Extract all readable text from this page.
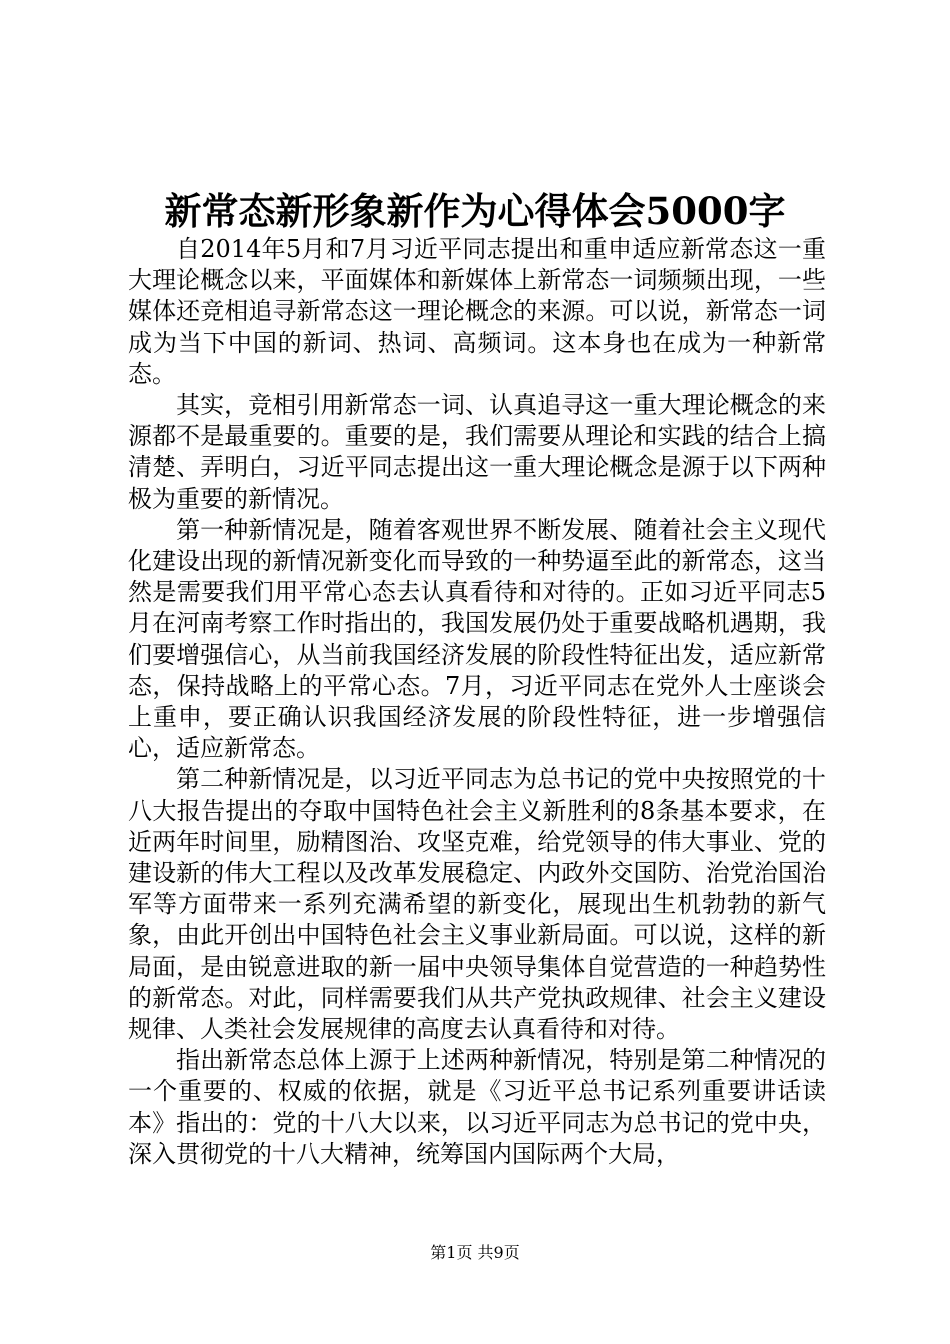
新常态新形象新作为心得体会5000字

自2014年5月和7月习近平同志提出和重申适应新常态这一重大理论概念以来，平面媒体和新媒体上新常态一词频频出现，一些媒体还竞相追寻新常态这一理论概念的来源。可以说，新常态一词成为当下中国的新词、热词、高频词。这本身也在成为一种新常态。

其实，竞相引用新常态一词、认真追寻这一重大理论概念的来源都不是最重要的。重要的是，我们需要从理论和实践的结合上搞清楚、弄明白，习近平同志提出这一重大理论概念是源于以下两种极为重要的新情况。

第一种新情况是，随着客观世界不断发展、随着社会主义现代化建设出现的新情况新变化而导致的一种势逼至此的新常态，这当然是需要我们用平常心态去认真看待和对待的。正如习近平同志5月在河南考察工作时指出的，我国发展仍处于重要战略机遇期，我们要增强信心，从当前我国经济发展的阶段性特征出发，适应新常态，保持战略上的平常心态。7月，习近平同志在党外人士座谈会上重申，要正确认识我国经济发展的阶段性特征，进一步增强信心，适应新常态。

第二种新情况是，以习近平同志为总书记的党中央按照党的十八大报告提出的夺取中国特色社会主义新胜利的8条基本要求，在近两年时间里，励精图治、攻坚克难，给党领导的伟大事业、党的建设新的伟大工程以及改革发展稳定、内政外交国防、治党治国治军等方面带来一系列充满希望的新变化，展现出生机勃勃的新气象，由此开创出中国特色社会主义事业新局面。可以说，这样的新局面，是由锐意进取的新一届中央领导集体自觉营造的一种趋势性的新常态。对此，同样需要我们从共产党执政规律、社会主义建设规律、人类社会发展规律的高度去认真看待和对待。

指出新常态总体上源于上述两种新情况，特别是第二种情况的一个重要的、权威的依据，就是《习近平总书记系列重要讲话读本》指出的：党的十八大以来，以习近平同志为总书记的党中央，深入贯彻党的十八大精神，统筹国内国际两个大局，

第1页 共9页
